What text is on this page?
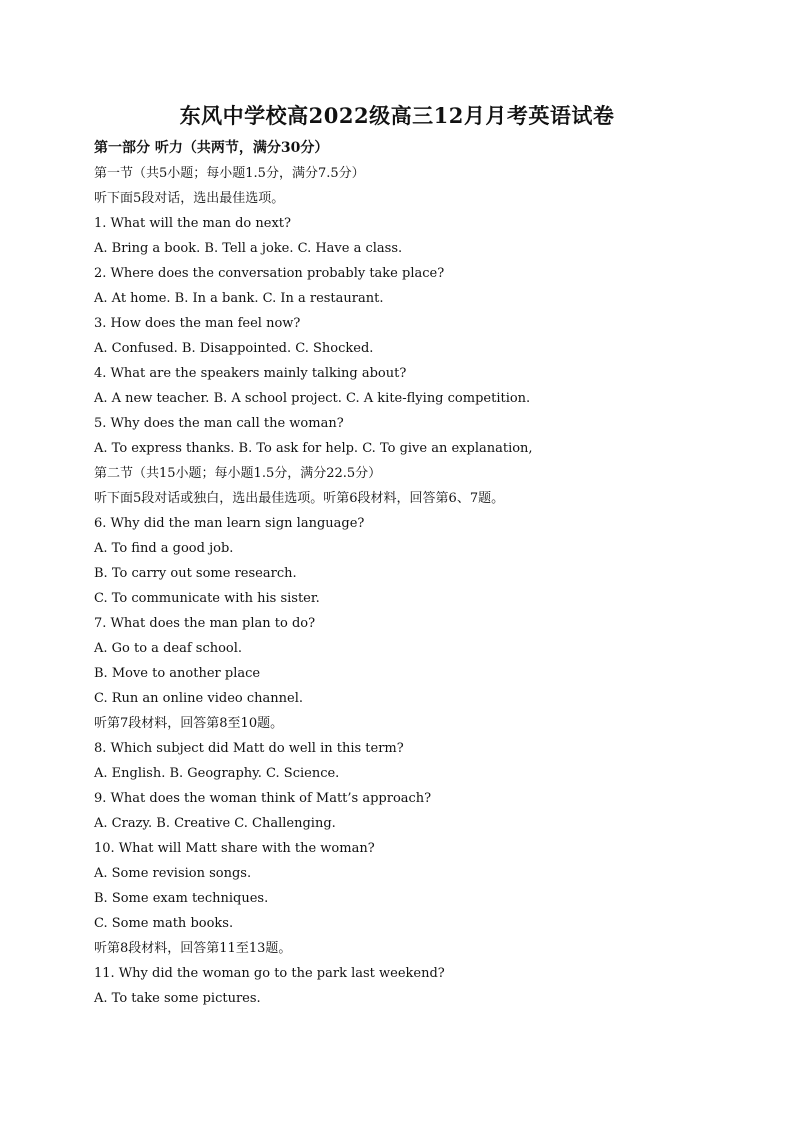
东风中学校高2022级高三12月月考英语试卷
第一部分 听力（共两节，满分30分）
第一节（共5小题；每小题1.5分，满分7.5分）
听下面5段对话，选出最佳选项。
1. What will the man do next?
A. Bring a book. B. Tell a joke. C. Have a class.
2. Where does the conversation probably take place?
A. At home. B. In a bank. C. In a restaurant.
3. How does the man feel now?
A. Confused. B. Disappointed. C. Shocked.
4. What are the speakers mainly talking about?
A. A new teacher. B. A school project. C. A kite-flying competition.
5. Why does the man call the woman?
A. To express thanks. B. To ask for help. C. To give an explanation,
第二节（共15小题；每小题1.5分，满分22.5分）
听下面5段对话或独白，选出最佳选项。听第6段材料，回答第6、7题。
6. Why did the man learn sign language?
A. To find a good job.
B. To carry out some research.
C. To communicate with his sister.
7. What does the man plan to do?
A. Go to a deaf school.
B. Move to another place
C. Run an online video channel.
听第7段材料，回答第8至10题。
8. Which subject did Matt do well in this term?
A. English. B. Geography. C. Science.
9. What does the woman think of Matt’s approach?
A. Crazy. B. Creative C. Challenging.
10. What will Matt share with the woman?
A. Some revision songs.
B. Some exam techniques.
C. Some math books.
听第8段材料，回答第11至13题。
11. Why did the woman go to the park last weekend?
A. To take some pictures.
